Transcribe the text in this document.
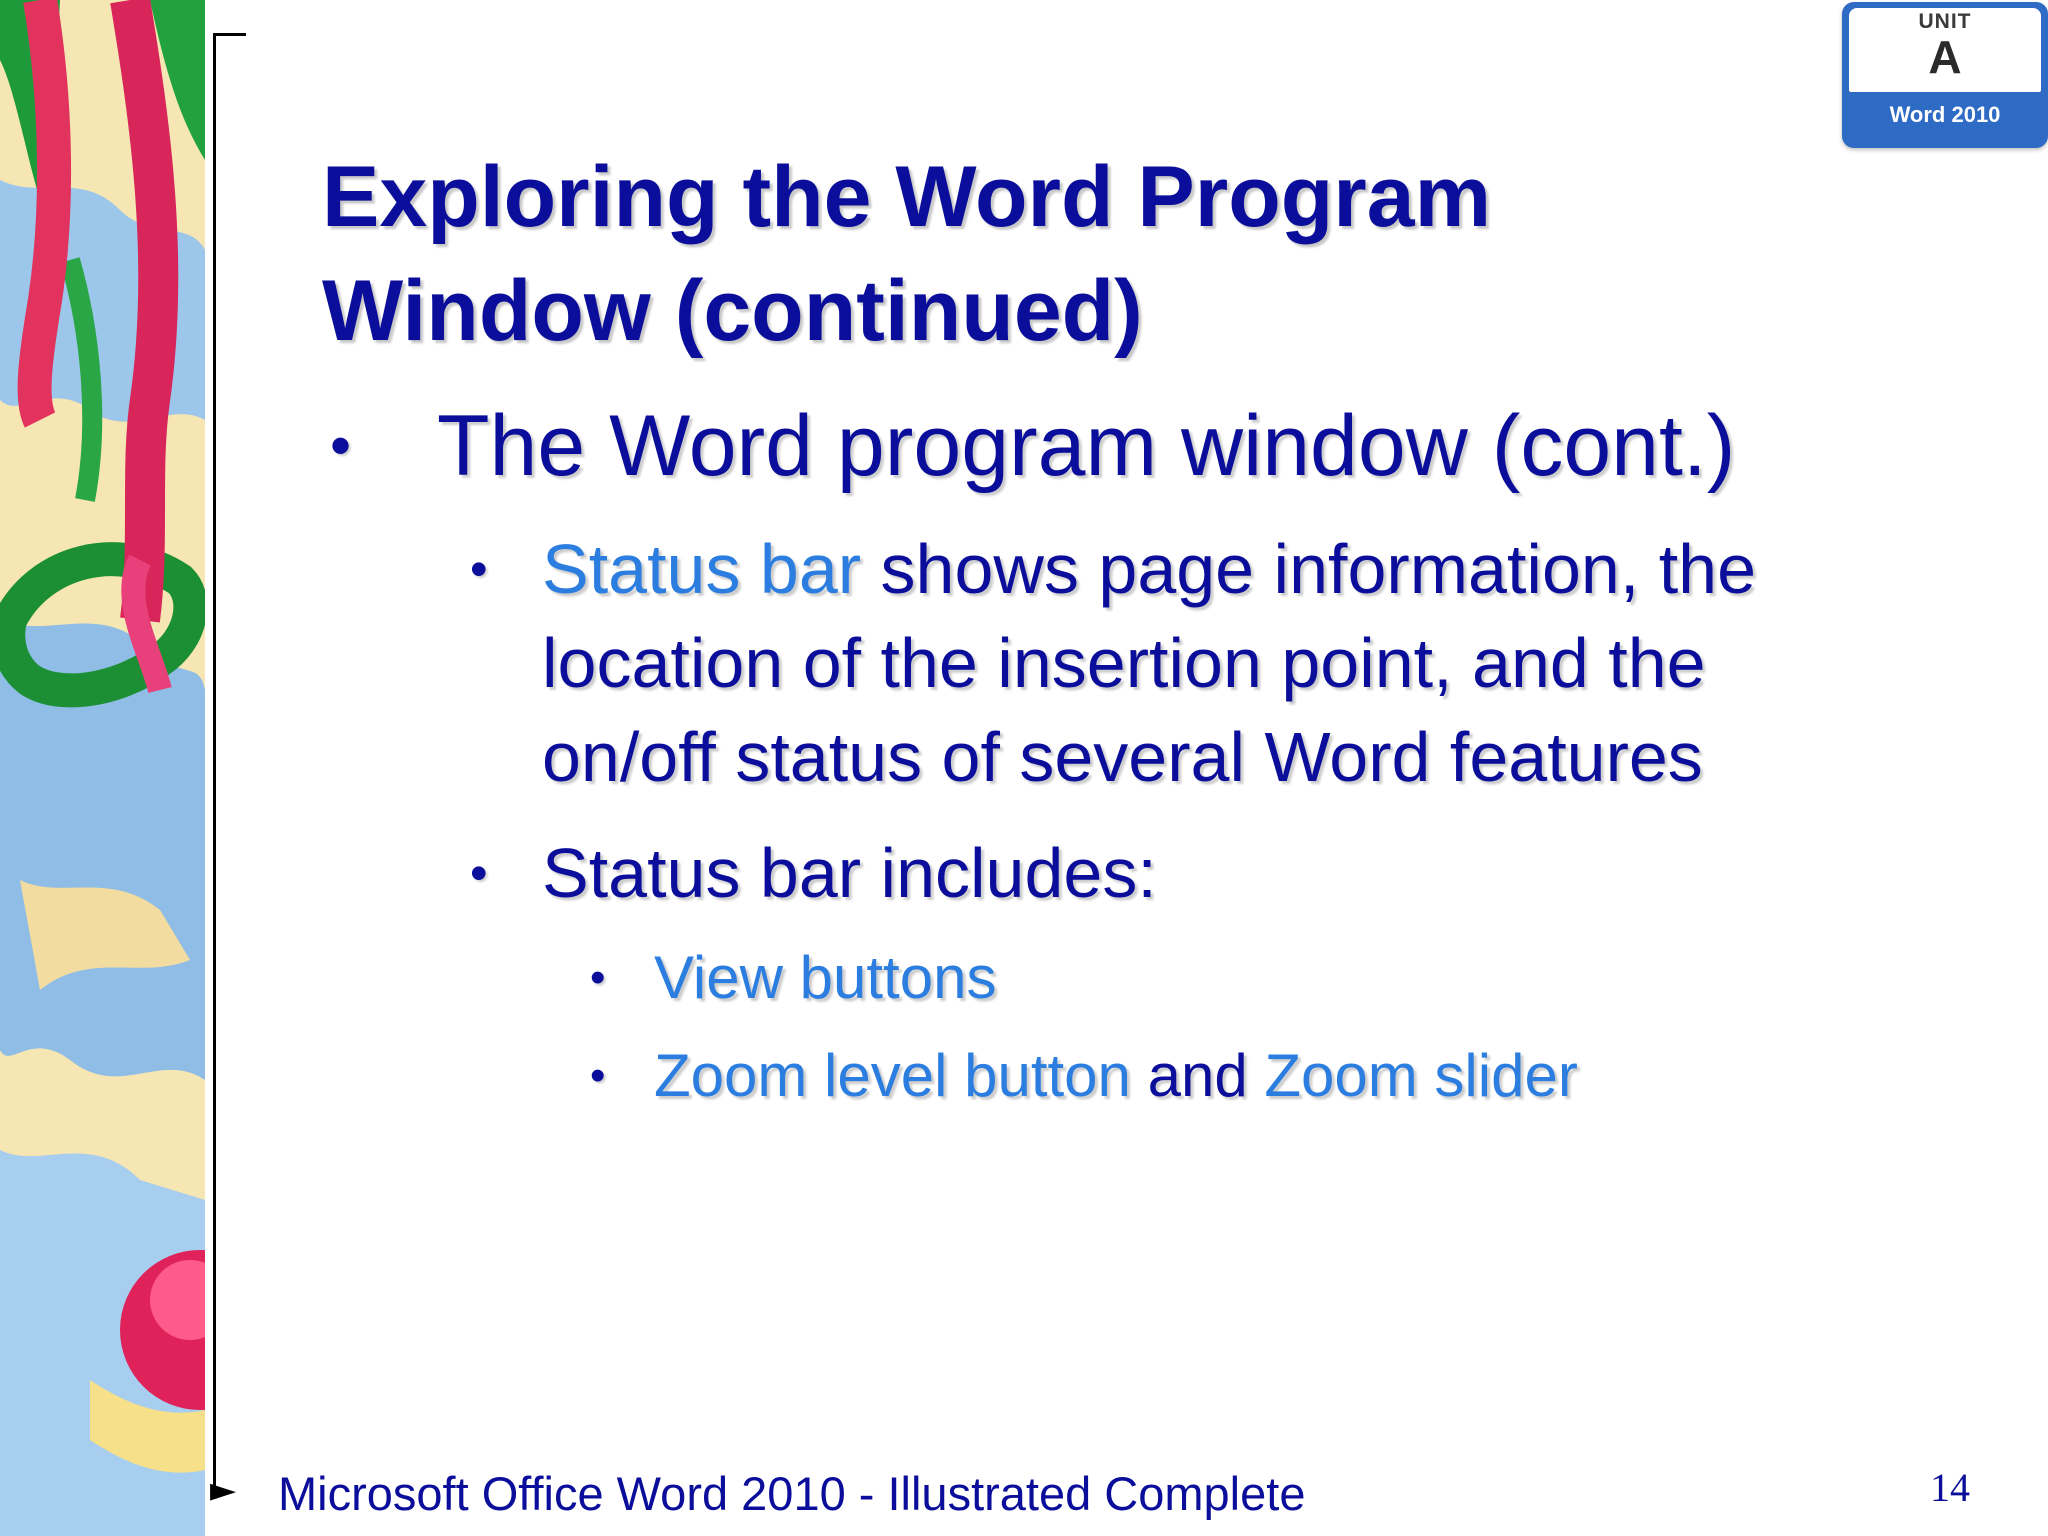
UNIT
A
Word 2010
Exploring the Word Program Window (continued)
• The Word program window (cont.)
• Status bar shows page information, the
location of the insertion point, and the
on/off status of several Word features
• Status bar includes:
• View buttons
• Zoom level button and Zoom slider
► Microsoft Office Word 2010 - Illustrated Complete	14
